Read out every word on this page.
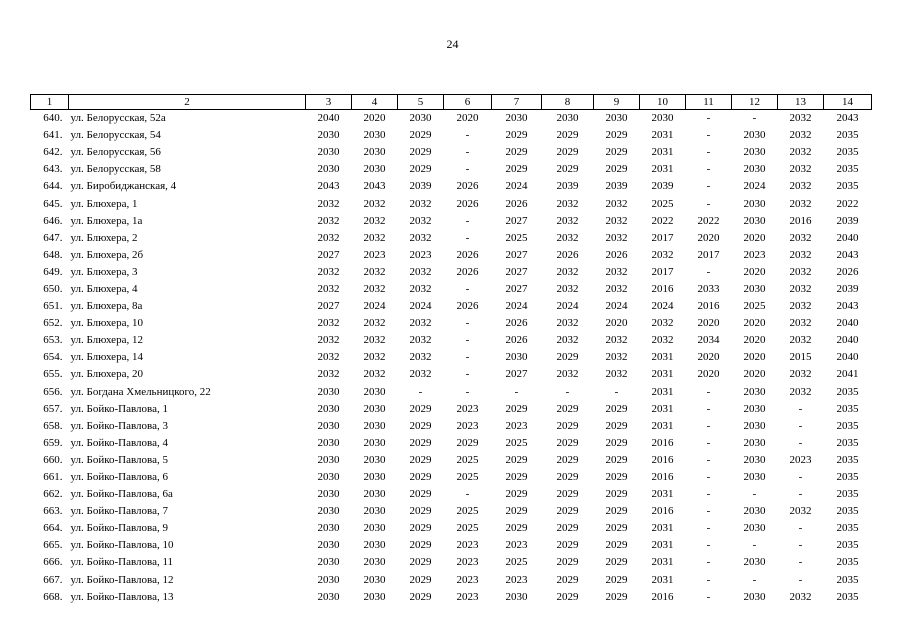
24
1	2	3	4	5	6	7	8	9	10	11	12	13	14
640.	ул. Белорусская, 52а	2040	2020	2030	2020	2030	2030	2030	2030	-	-	2032	2043
641.	ул. Белорусская, 54	2030	2030	2029	-	2029	2029	2029	2031	-	2030	2032	2035
642.	ул. Белорусская, 56	2030	2030	2029	-	2029	2029	2029	2031	-	2030	2032	2035
643.	ул. Белорусская, 58	2030	2030	2029	-	2029	2029	2029	2031	-	2030	2032	2035
644.	ул. Биробиджанская, 4	2043	2043	2039	2026	2024	2039	2039	2039	-	2024	2032	2035
645.	ул. Блюхера, 1	2032	2032	2032	2026	2026	2032	2032	2025	-	2030	2032	2022
646.	ул. Блюхера, 1а	2032	2032	2032	-	2027	2032	2032	2022	2022	2030	2016	2039
647.	ул. Блюхера, 2	2032	2032	2032	-	2025	2032	2032	2017	2020	2020	2032	2040
648.	ул. Блюхера, 2б	2027	2023	2023	2026	2027	2026	2026	2032	2017	2023	2032	2043
649.	ул. Блюхера, 3	2032	2032	2032	2026	2027	2032	2032	2017	-	2020	2032	2026
650.	ул. Блюхера, 4	2032	2032	2032	-	2027	2032	2032	2016	2033	2030	2032	2039
651.	ул. Блюхера, 8а	2027	2024	2024	2026	2024	2024	2024	2024	2016	2025	2032	2043
652.	ул. Блюхера, 10	2032	2032	2032	-	2026	2032	2020	2032	2020	2020	2032	2040
653.	ул. Блюхера, 12	2032	2032	2032	-	2026	2032	2032	2032	2034	2020	2032	2040
654.	ул. Блюхера, 14	2032	2032	2032	-	2030	2029	2032	2031	2020	2020	2015	2040
655.	ул. Блюхера, 20	2032	2032	2032	-	2027	2032	2032	2031	2020	2020	2032	2041
656.	ул. Богдана Хмельницкого, 22	2030	2030	-	-	-	-	-	2031	-	2030	2032	2035
657.	ул. Бойко-Павлова, 1	2030	2030	2029	2023	2029	2029	2029	2031	-	2030	-	2035
658.	ул. Бойко-Павлова, 3	2030	2030	2029	2023	2023	2029	2029	2031	-	2030	-	2035
659.	ул. Бойко-Павлова, 4	2030	2030	2029	2029	2025	2029	2029	2016	-	2030	-	2035
660.	ул. Бойко-Павлова, 5	2030	2030	2029	2025	2029	2029	2029	2016	-	2030	2023	2035
661.	ул. Бойко-Павлова, 6	2030	2030	2029	2025	2029	2029	2029	2016	-	2030	-	2035
662.	ул. Бойко-Павлова, 6а	2030	2030	2029	-	2029	2029	2029	2031	-	-	-	2035
663.	ул. Бойко-Павлова, 7	2030	2030	2029	2025	2029	2029	2029	2016	-	2030	2032	2035
664.	ул. Бойко-Павлова, 9	2030	2030	2029	2025	2029	2029	2029	2031	-	2030	-	2035
665.	ул. Бойко-Павлова, 10	2030	2030	2029	2023	2023	2029	2029	2031	-	-	-	2035
666.	ул. Бойко-Павлова, 11	2030	2030	2029	2023	2025	2029	2029	2031	-	2030	-	2035
667.	ул. Бойко-Павлова, 12	2030	2030	2029	2023	2023	2029	2029	2031	-	-	-	2035
668.	ул. Бойко-Павлова, 13	2030	2030	2029	2023	2030	2029	2029	2016	-	2030	2032	2035
